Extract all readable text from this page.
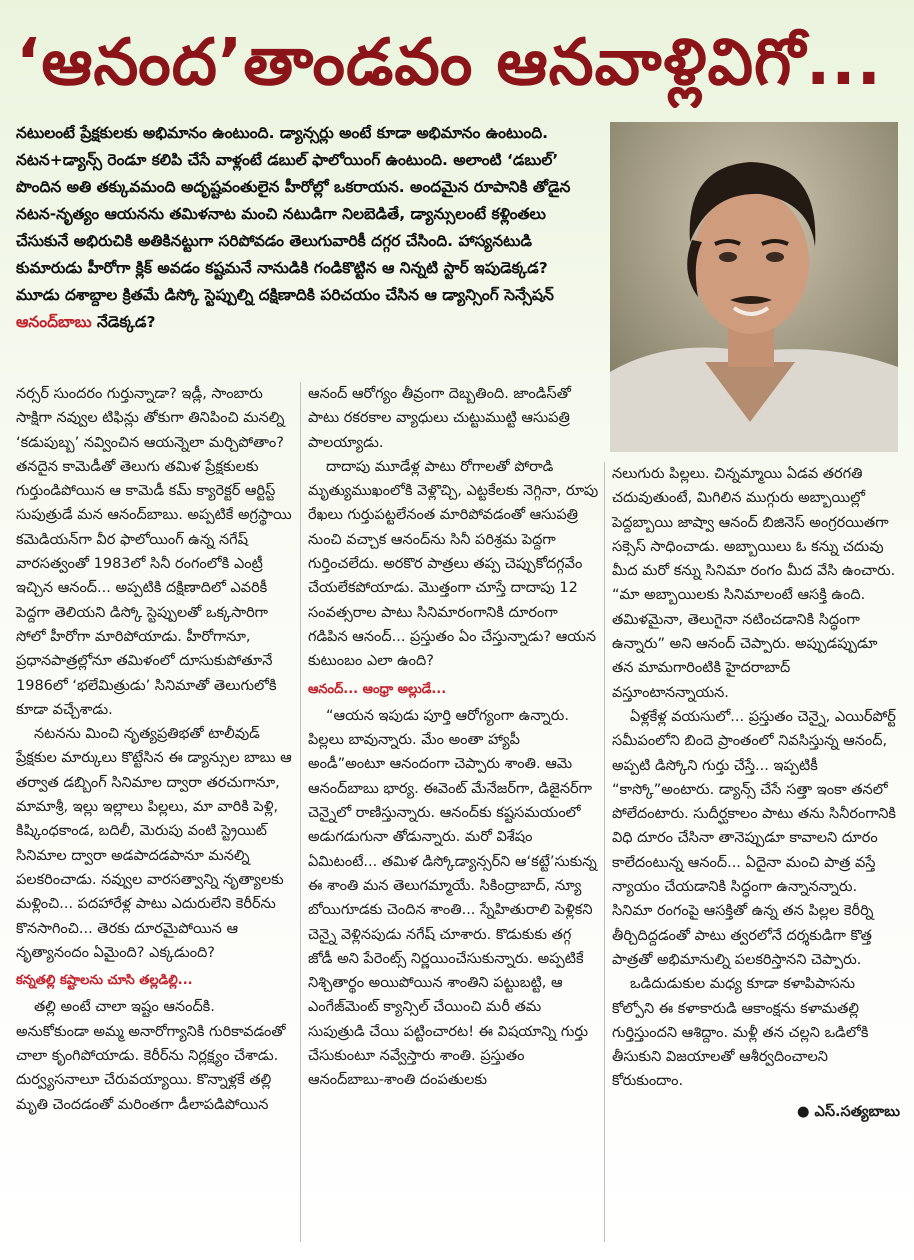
‘ఆనంద’తాండవం ఆనవాళ్లివిగో...
నటులంటే ప్రేక్షకులకు అభిమానం ఉంటుంది. డ్యాన్సర్లు అంటే కూడా అభిమానం ఉంటుంది. నటన+డ్యాన్స్ రెండూ కలిపి చేసే వాళ్లంటే డబుల్ ఫాలోయింగ్ ఉంటుంది. అలాంటి ‘డబుల్’ పొందిన అతి తక్కువమంది అదృష్టవంతులైన హీరోల్లో ఒకరాయన. అందమైన రూపానికి తోడైన నటన-నృత్యం ఆయనను తమిళనాట మంచి నటుడిగా నిలబెడితే, డ్యాన్సులంటే కళ్లింతలు చేసుకునే అభిరుచికి అతికినట్టుగా సరిపోవడం తెలుగువారికీ దగ్గర చేసింది. హాస్యనటుడి కుమారుడు హీరోగా క్లిక్ అవడం కష్టమనే నానుడికి గండికొట్టిన ఆ నిన్నటి స్టార్ ఇపుడెక్కడ? మూడు దశాబ్దాల క్రితమే డిస్కో స్టెప్పుల్ని దక్షిణాదికి పరిచయం చేసిన ఆ డ్యాన్సింగ్ సెన్సేషన్ ఆనంద్‌బాబు నేడెక్కడ?

నర్సర్ సుందరం గుర్తున్నాడా? ఇడ్లీ, సాంబారు సాక్షిగా నవ్వుల టిఫిన్లు తోకుగా తినిపించి మనల్ని ‘కడుపుబ్బ’ నవ్వించిన ఆయన్నెలా మర్చిపోతాం? తనదైన కామెడీతో తెలుగు తమిళ ప్రేక్షకులకు గుర్తుండిపోయిన ఆ కామెడీ కమ్ క్యారెక్టర్ ఆర్టిస్ట్ సుపుత్రుడే మన ఆనంద్‌బాబు. అప్పటికే అగ్రస్థాయి కమెడియన్‌గా వీర ఫాలోయింగ్ ఉన్న నగేష్ వారసత్వంతో 1983లో సినీ రంగంలోకి ఎంట్రీ ఇచ్చిన ఆనంద్... అప్పటికి దక్షిణాదిలో ఎవరికీ పెద్దగా తెలియని డిస్కో స్టెప్పులతో ఒక్కసారిగా సోలో హీరోగా మారిపోయాడు. హీరోగానూ, ప్రధానపాత్రల్లోనూ తమిళంలో దూసుకుపోతూనే 1986లో ‘భలేమిత్రుడు’ సినిమాతో తెలుగులోకి కూడా వచ్చేశాడు.

నటనను మించి నృత్యప్రతిభతో టాలీవుడ్ ప్రేక్షకుల మార్కులు కొట్టేసిన ఈ డ్యాన్సుల బాబు ఆ తర్వాత డబ్బింగ్ సినిమాల ద్వారా తరచుగానూ, మామాశ్రీ, ఇల్లు ఇల్లాలు పిల్లలు, మా వారికి పెళ్లి, కిష్కింధకాండ, బదిలీ, మెరుపు వంటి స్ట్రెయిట్ సినిమాల ద్వారా అడపాదడపానూ మనల్ని పలకరించాడు. నవ్వుల వారసత్వాన్ని నృత్యాలకు మళ్లించి... పదహారేళ్ల పాటు ఎదురులేని కెరీర్‌ను కొనసాగించి... తెరకు దూరమైపోయిన ఆ నృత్యానందం ఏమైంది? ఎక్కడుంది?

కన్నతల్లి కష్టాలను చూసి తల్లడిల్లి...

తల్లి అంటే చాలా ఇష్టం ఆనంద్‌కి. అనుకోకుండా అమ్మ అనారోగ్యానికి గురికావడంతో చాలా కృంగిపోయాడు. కెరీర్‌ను నిర్లక్ష్యం చేశాడు. దుర్వ్యసనాలూ చేరువయ్యాయి. కొన్నాళ్లకే తల్లి మృతి చెందడంతో మరింతగా డీలాపడిపోయిన

ఆనంద్ ఆరోగ్యం తీవ్రంగా దెబ్బతింది. జాండిస్‌తో పాటు రకరకాల వ్యాధులు చుట్టుముట్టి ఆసుపత్రి పాలయ్యాడు.

దాదాపు మూడేళ్ల పాటు రోగాలతో పోరాడి మృత్యుముఖంలోకి వెళ్లొచ్చి, ఎట్టకేలకు నెగ్గినా, రూపు రేఖలు గుర్తుపట్టలేనంత మారిపోవడంతో ఆసుపత్రి నుంచి వచ్చాక ఆనంద్‌ను సినీ పరిశ్రమ పెద్దగా గుర్తించలేదు. అరకొర పాత్రలు తప్ప చెప్పుకోదగ్గవేం చేయలేకపోయాడు. మొత్తంగా చూస్తే దాదాపు 12 సంవత్సరాల పాటు సినిమారంగానికి దూరంగా గడిపిన ఆనంద్... ప్రస్తుతం ఏం చేస్తున్నాడు? ఆయన కుటుంబం ఎలా ఉంది?

ఆనంద్... ఆంధ్రా అల్లుడే...

“ఆయన ఇపుడు పూర్తి ఆరోగ్యంగా ఉన్నారు. పిల్లలు బావున్నారు. మేం అంతా హ్యాపీ అండీ”అంటూ ఆనందంగా చెప్పారు శాంతి. ఆమె ఆనంద్‌బాబు భార్య. ఈవెంట్ మేనేజర్‌గా, డిజైనర్‌గా చెన్నైలో రాణిస్తున్నారు. ఆనంద్‌కు కష్టసమయంలో అడుగడుగునా తోడున్నారు. మరో విశేషం ఏమిటంటే... తమిళ డిస్కోడ్యాన్సర్‌ని ఆ‘కట్టే’సుకున్న ఈ శాంతి మన తెలుగమ్మాయే. సికింద్రాబాద్, న్యూ బోయిగూడకు చెందిన శాంతి... స్నేహితురాలి పెళ్లికని చెన్నై వెళ్లినపుడు నగేష్ చూశారు. కొడుకుకు తగ్గ జోడీ అని పేరెంట్స్ నిర్ణయించేసుకున్నారు. అప్పటికే నిశ్చితార్థం అయిపోయిన శాంతిని పట్టుబట్టి, ఆ ఎంగేజ్‌మెంట్ క్యాన్సిల్ చేయించి మరీ తమ సుపుత్రుడి చేయి పట్టించారట! ఈ విషయాన్ని గుర్తు చేసుకుంటూ నవ్వేస్తారు శాంతి. ప్రస్తుతం ఆనంద్‌బాబు-శాంతి దంపతులకు

నలుగురు పిల్లలు. చిన్నమ్మాయి ఏడవ తరగతి చదువుతుంటే, మిగిలిన ముగ్గురు అబ్బాయిల్లో పెద్దబ్బాయి జాష్వా ఆనంద్ బిజినెస్ అంగ్రరయితగా సక్సెస్ సాధించాడు. అబ్బాయిలు ఓ కన్ను చదువు మీద మరో కన్ను సినిమా రంగం మీద వేసి ఉంచారు. “మా అబ్బాయిలకు సినిమాలంటే ఆసక్తి ఉంది. తమిళమైనా, తెలుగైనా నటించడానికి సిద్ధంగా ఉన్నారు” అని ఆనంద్ చెప్పారు. అప్పుడప్పుడూ తన మామగారింటికి హైదరాబాద్ వస్తూంటానన్నాయన.

ఏళ్లకేళ్ల వయసులో... ప్రస్తుతం చెన్నై, ఎయిర్‌పోర్ట్ సమీపంలోని బిందె ప్రాంతంలో నివసిస్తున్న ఆనంద్, అప్పటి డిస్కోని గుర్తు చేస్తే... ఇప్పటికీ “కాస్కో”అంటారు. డ్యాన్స్ చేసే సత్తా ఇంకా తనలో పోలేదంటారు. సుదీర్ఘకాలం పాటు తను సినీరంగానికి విధి దూరం చేసినా తానెప్పుడూ కావాలని దూరం కాలేదంటున్న ఆనంద్... ఏదైనా మంచి పాత్ర వస్తే న్యాయం చేయడానికి సిద్ధంగా ఉన్నానన్నారు. సినిమా రంగంపై ఆసక్తితో ఉన్న తన పిల్లల కెరీర్ని తీర్చిదిద్దడంతో పాటు త్వరలోనే దర్శకుడిగా కొత్త పాత్రతో అభిమానుల్ని పలకరిస్తానని చెప్పారు.

ఒడిదుడుకుల మధ్య కూడా కళాపిపాసను కోల్పోని ఈ కళాకారుడి ఆకాంక్షను కళామతల్లి గుర్తిస్తుందని ఆశిద్దాం. మళ్లీ తన చల్లని ఒడిలోకి తీసుకుని విజయాలతో ఆశీర్వదించాలని కోరుకుందాం.

● ఎస్.సత్యబాబు
